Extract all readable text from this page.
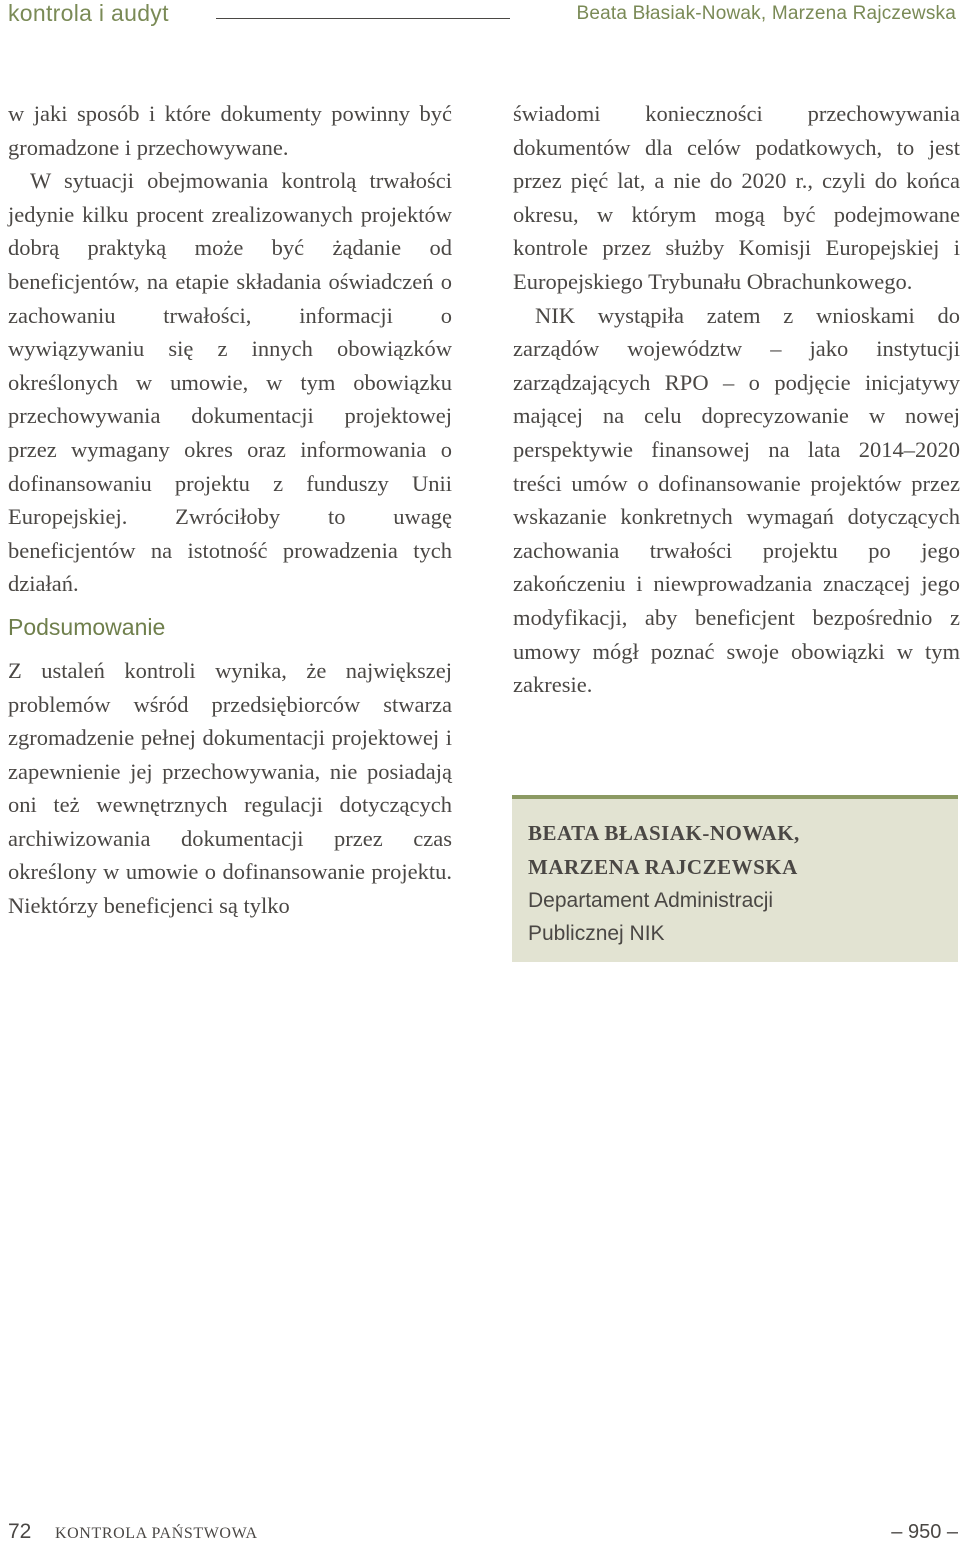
kontrola i audyt	Beata Błasiak-Nowak, Marzena Rajczewska

w jaki sposób i które dokumenty powinny być gromadzone i przechowywane.

W sytuacji obejmowania kontrolą trwałości jedynie kilku procent zrealizowanych projektów dobrą praktyką może być żądanie od beneficjentów, na etapie składania oświadczeń o zachowaniu trwałości, informacji o wywiązywaniu się z innych obowiązków określonych w umowie, w tym obowiązku przechowywania dokumentacji projektowej przez wymagany okres oraz informowania o dofinansowaniu projektu z funduszy Unii Europejskiej. Zwróciłoby to uwagę beneficjentów na istotność prowadzenia tych działań.

Podsumowanie

Z ustaleń kontroli wynika, że największej problemów wśród przedsiębiorców stwarza zgromadzenie pełnej dokumentacji projektowej i zapewnienie jej przechowywania, nie posiadają oni też wewnętrznych regulacji dotyczących archiwizowania dokumentacji przez czas określony w umowie o dofinansowanie projektu. Niektórzy beneficjenci są tylko

świadomi konieczności przechowywania dokumentów dla celów podatkowych, to jest przez pięć lat, a nie do 2020 r., czyli do końca okresu, w którym mogą być podejmowane kontrole przez służby Komisji Europejskiej i Europejskiego Trybunału Obrachunkowego.

NIK wystąpiła zatem z wnioskami do zarządów województw – jako instytucji zarządzających RPO – o podjęcie inicjatywy mającej na celu doprecyzowanie w nowej perspektywie finansowej na lata 2014–2020 treści umów o dofinansowanie projektów przez wskazanie konkretnych wymagań dotyczących zachowania trwałości projektu po jego zakończeniu i niewprowadzania znaczącej jego modyfikacji, aby beneficjent bezpośrednio z umowy mógł poznać swoje obowiązki w tym zakresie.

BEATA BŁASIAK-NOWAK,
MARZENA RAJCZEWSKA
Departament Administracji
Publicznej NIK
72 KONTROLA PAŃSTWOWA	– 950 –
